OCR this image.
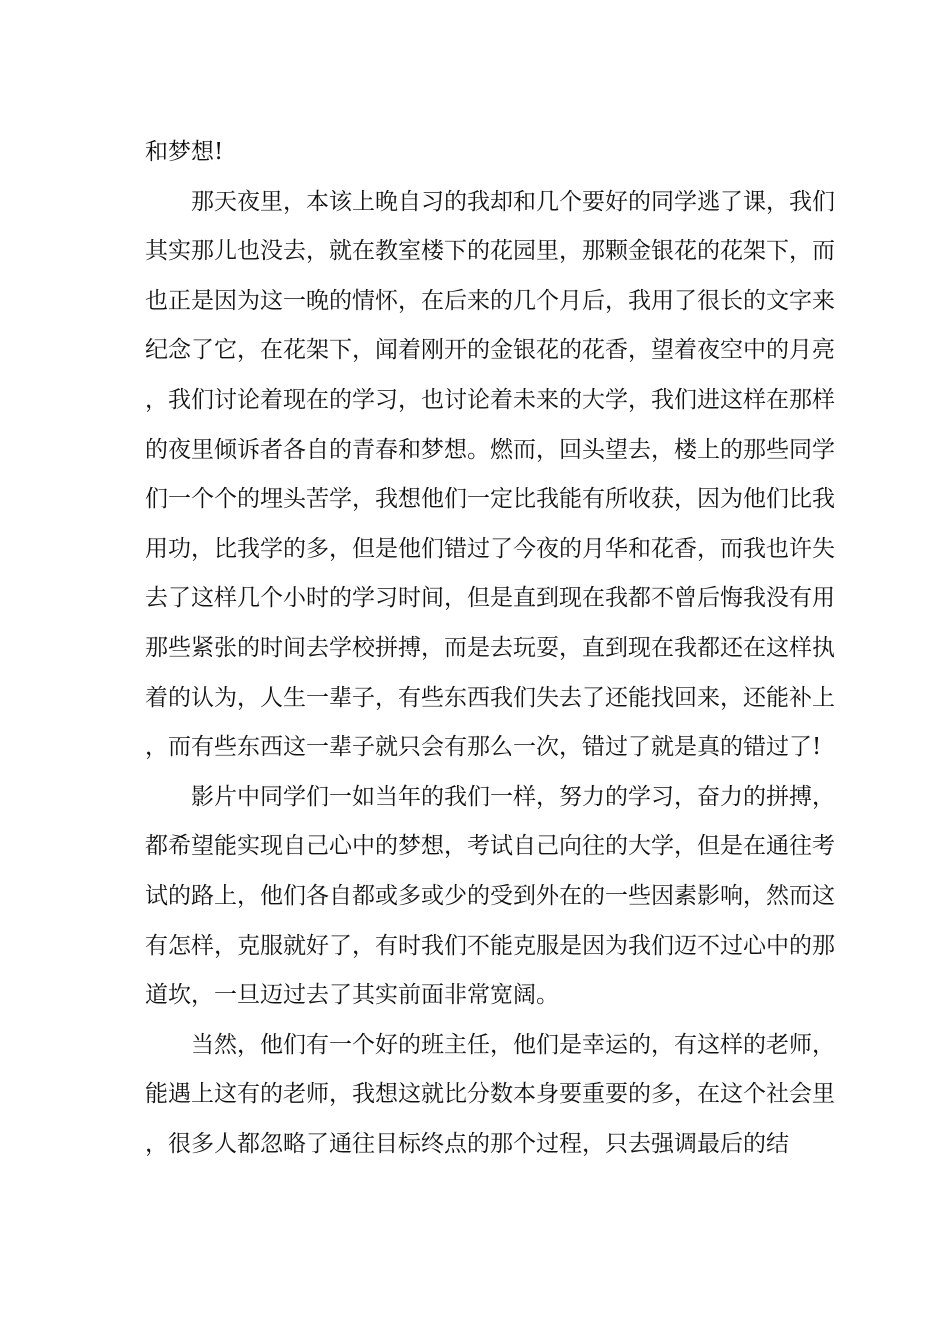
和梦想!

那天夜里，本该上晚自习的我却和几个要好的同学逃了课，我们其实那儿也没去，就在教室楼下的花园里，那颗金银花的花架下，而也正是因为这一晚的情怀，在后来的几个月后，我用了很长的文字来纪念了它，在花架下，闻着刚开的金银花的花香，望着夜空中的月亮，我们讨论着现在的学习，也讨论着未来的大学，我们进这样在那样的夜里倾诉者各自的青春和梦想。燃而，回头望去，楼上的那些同学们一个个的埋头苦学，我想他们一定比我能有所收获，因为他们比我用功，比我学的多，但是他们错过了今夜的月华和花香，而我也许失去了这样几个小时的学习时间，但是直到现在我都不曾后悔我没有用那些紧张的时间去学校拼搏，而是去玩耍，直到现在我都还在这样执着的认为，人生一辈子，有些东西我们失去了还能找回来，还能补上，而有些东西这一辈子就只会有那么一次，错过了就是真的错过了!

影片中同学们一如当年的我们一样，努力的学习，奋力的拼搏，都希望能实现自己心中的梦想，考试自己向往的大学，但是在通往考试的路上，他们各自都或多或少的受到外在的一些因素影响，然而这有怎样，克服就好了，有时我们不能克服是因为我们迈不过心中的那道坎，一旦迈过去了其实前面非常宽阔。

当然，他们有一个好的班主任，他们是幸运的，有这样的老师，能遇上这有的老师，我想这就比分数本身要重要的多，在这个社会里，很多人都忽略了通往目标终点的那个过程，只去强调最后的结
